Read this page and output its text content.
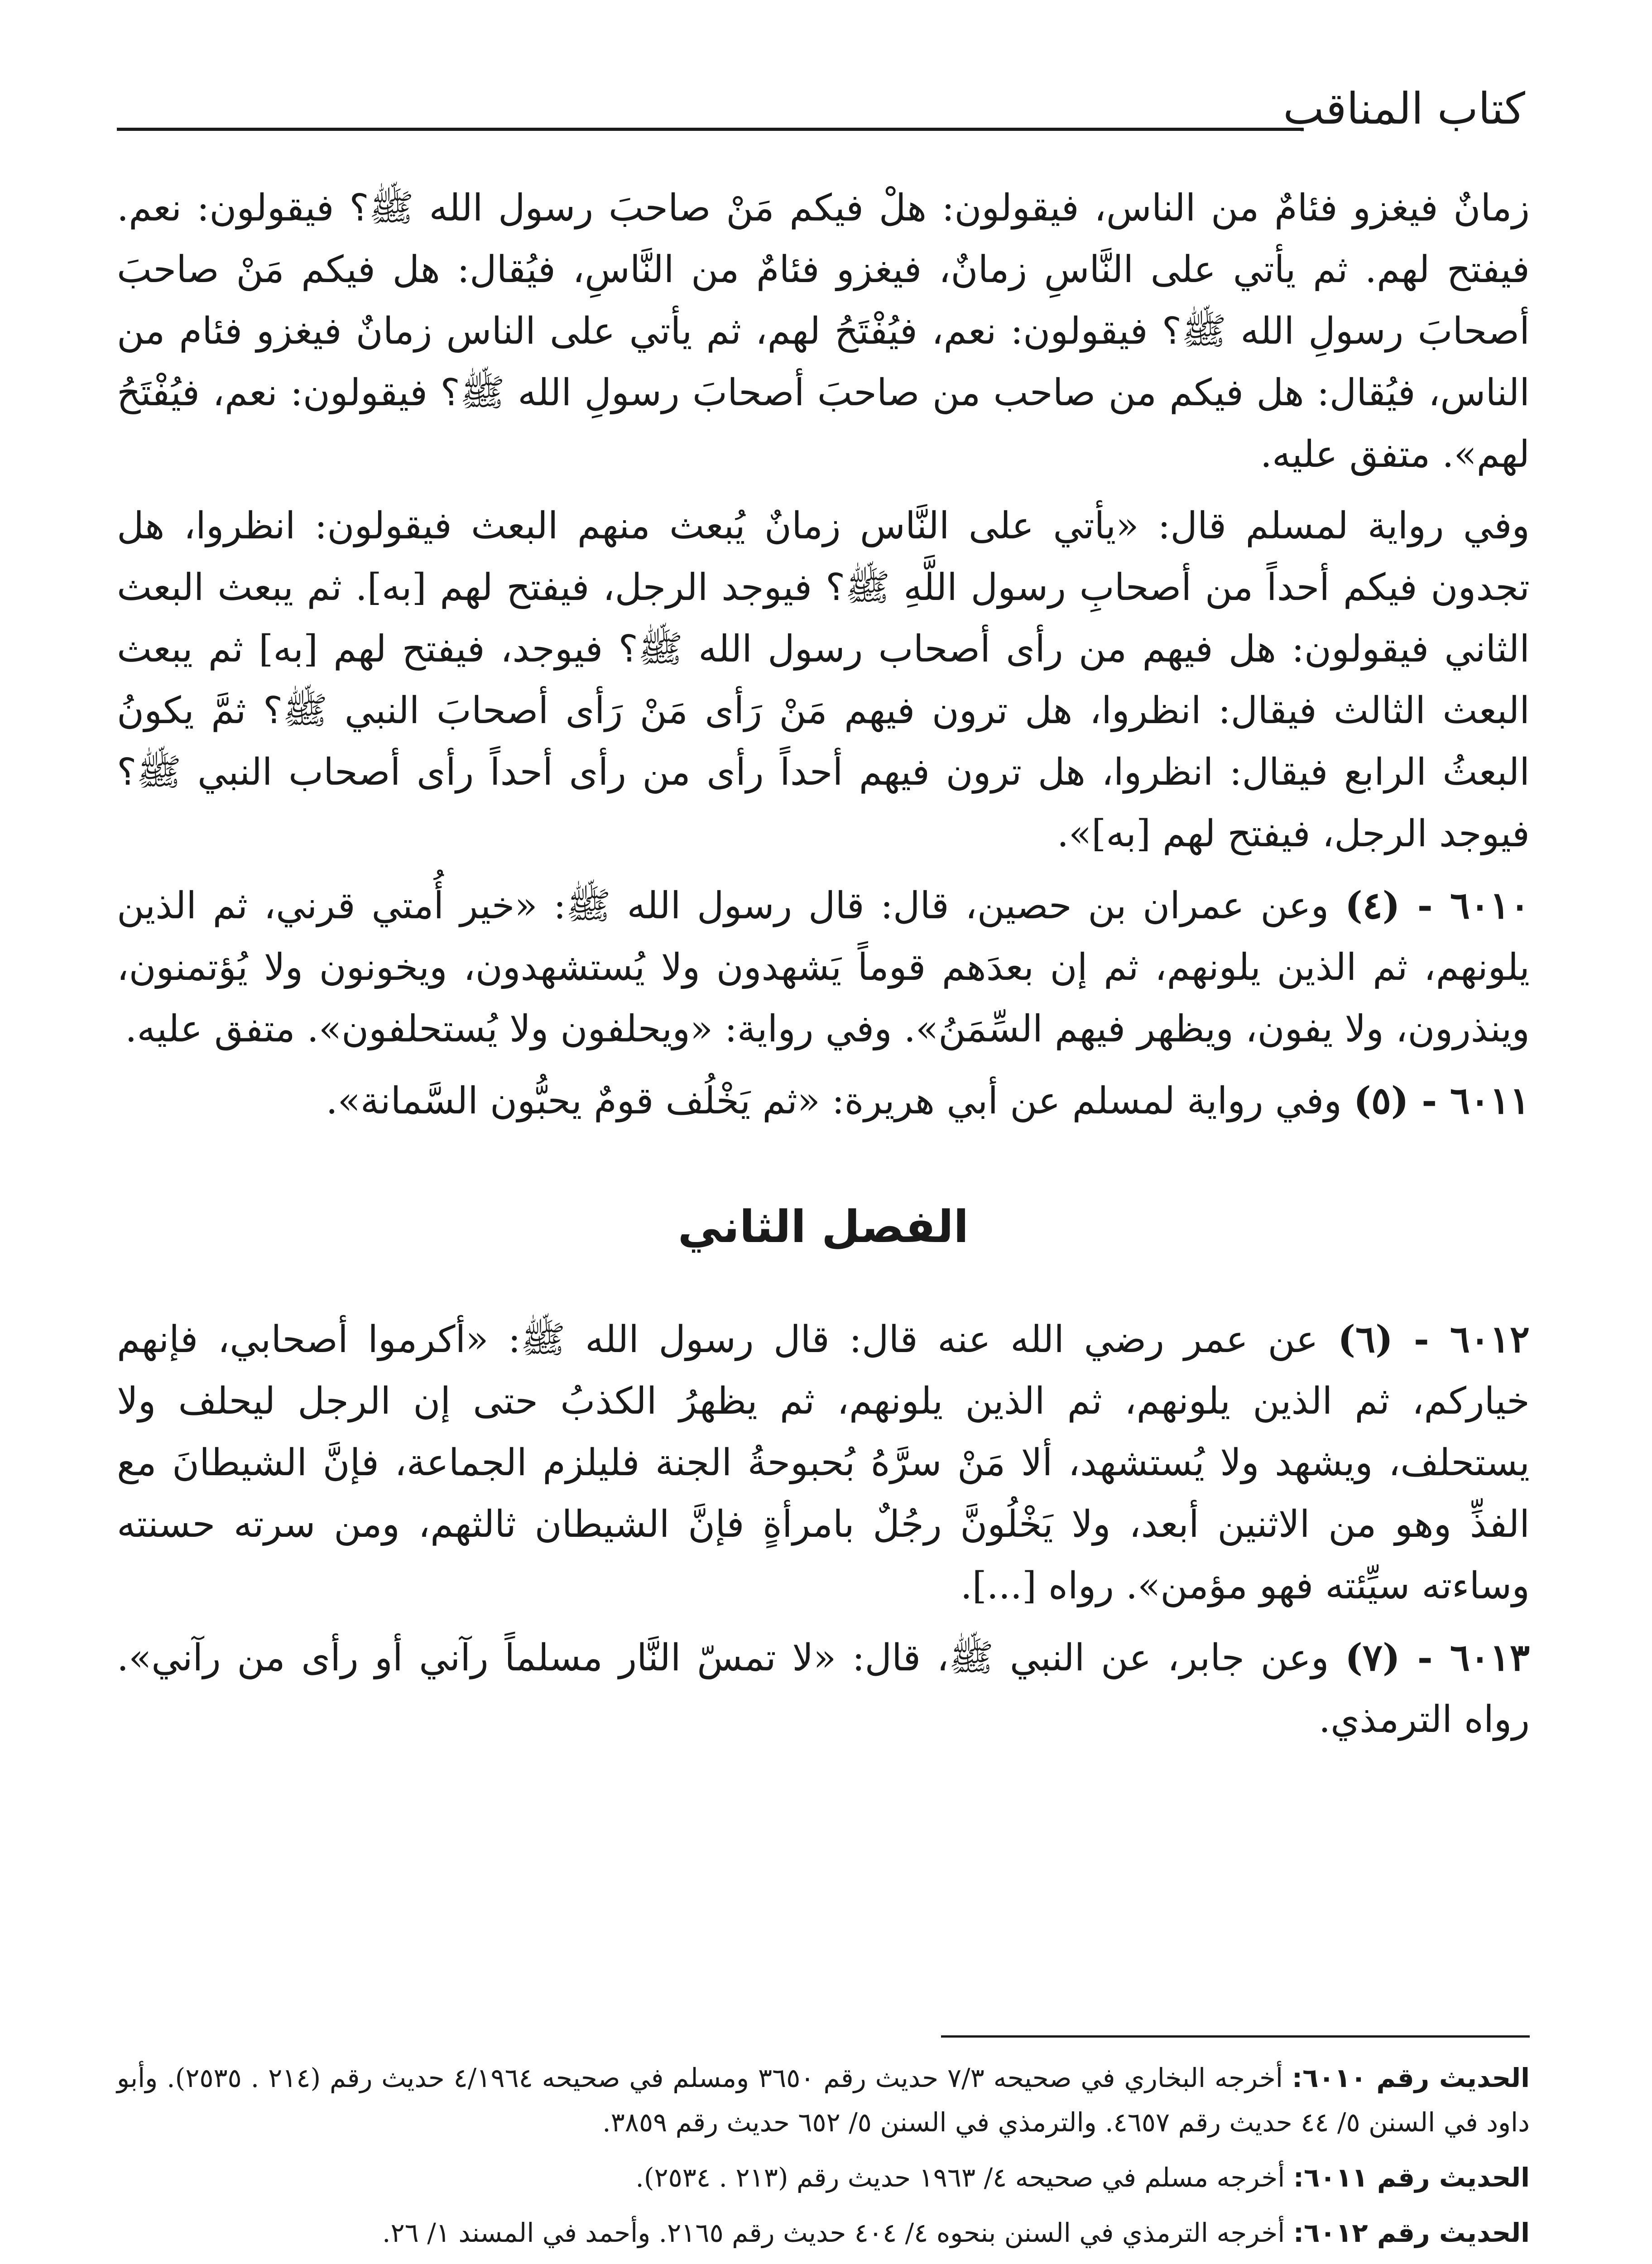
كتاب المناقب

زمانٌ فيغزو فئامٌ من الناس، فيقولون: هلْ فيكم مَنْ صاحبَ رسول الله ﷺ؟ فيقولون: نعم. فيفتح لهم. ثم يأتي على النَّاسِ زمانٌ، فيغزو فئامٌ من النَّاسِ، فيُقال: هل فيكم مَنْ صاحبَ أصحابَ رسولِ الله ﷺ؟ فيقولون: نعم، فيُفْتَحُ لهم، ثم يأتي على الناس زمانٌ فيغزو فئام من الناس، فيُقال: هل فيكم من صاحب من صاحبَ أصحابَ رسولِ الله ﷺ؟ فيقولون: نعم، فيُفْتَحُ لهم». متفق عليه.

وفي رواية لمسلم قال: «يأتي على النَّاس زمانٌ يُبعث منهم البعث فيقولون: انظروا، هل تجدون فيكم أحداً من أصحابِ رسول اللَّهِ ﷺ؟ فيوجد الرجل، فيفتح لهم [به]. ثم يبعث البعث الثاني فيقولون: هل فيهم من رأى أصحاب رسول الله ﷺ؟ فيوجد، فيفتح لهم [به] ثم يبعث البعث الثالث فيقال: انظروا، هل ترون فيهم مَنْ رَأى مَنْ رَأى أصحابَ النبي ﷺ؟ ثمَّ يكونُ البعثُ الرابع فيقال: انظروا، هل ترون فيهم أحداً رأى من رأى أحداً رأى أصحاب النبي ﷺ؟ فيوجد الرجل، فيفتح لهم [به]».

٦٠١٠ - (٤) وعن عمران بن حصين، قال: قال رسول الله ﷺ: «خير أُمتي قرني، ثم الذين يلونهم، ثم الذين يلونهم، ثم إن بعدَهم قوماً يَشهدون ولا يُستشهدون، ويخونون ولا يُؤتمنون، وينذرون، ولا يفون، ويظهر فيهم السِّمَنُ». وفي رواية: «ويحلفون ولا يُستحلفون». متفق عليه.

٦٠١١ - (٥) وفي رواية لمسلم عن أبي هريرة: «ثم يَخْلُف قومٌ يحبُّون السَّمانة».

الفصل الثاني

٦٠١٢ - (٦) عن عمر رضي الله عنه قال: قال رسول الله ﷺ: «أكرموا أصحابي، فإنهم خياركم، ثم الذين يلونهم، ثم الذين يلونهم، ثم يظهرُ الكذبُ حتى إن الرجل ليحلف ولا يستحلف، ويشهد ولا يُستشهد، ألا مَنْ سرَّهُ بُحبوحةُ الجنة فليلزم الجماعة، فإنَّ الشيطانَ مع الفذِّ وهو من الاثنين أبعد، ولا يَخْلُونَّ رجُلٌ بامرأةٍ فإنَّ الشيطان ثالثهم، ومن سرته حسنته وساءته سيِّئته فهو مؤمن». رواه [...].

٦٠١٣ - (٧) وعن جابر، عن النبي ﷺ، قال: «لا تمسّ النَّار مسلماً رآني أو رأى من رآني». رواه الترمذي.

الحديث رقم ٦٠١٠: أخرجه البخاري في صحيحه ٧/٣ حديث رقم ٣٦٥٠ ومسلم في صحيحه ٤/١٩٦٤ حديث رقم (٢١٤ . ٢٥٣٥). وأبو داود في السنن ٥/ ٤٤ حديث رقم ٤٦٥٧. والترمذي في السنن ٥/ ٦٥٢ حديث رقم ٣٨٥٩.
الحديث رقم ٦٠١١: أخرجه مسلم في صحيحه ٤/ ١٩٦٣ حديث رقم (٢١٣ . ٢٥٣٤).
الحديث رقم ٦٠١٢: أخرجه الترمذي في السنن بنحوه ٤/ ٤٠٤ حديث رقم ٢١٦٥. وأحمد في المسند ١/ ٢٦.
